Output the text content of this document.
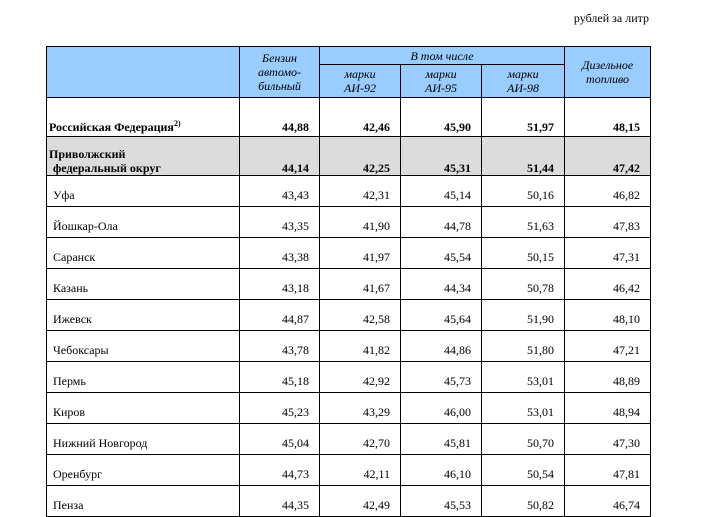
рублей за литр
	Бензин автомо-бильный	В том числе			Дизельное топливо
		марки АИ-92	марки АИ-95	марки АИ-98	
Российская Федерация$^{2)}$	44,88	42,46	45,90	51,97	48,15

Приволжский
федеральный округ	44,14	42,25	45,31	51,44	47,42
Уфа	43,43	42,31	45,14	50,16	46,82
Йошкар-Ола	43,35	41,90	44,78	51,63	47,83
Саранск	43,38	41,97	45,54	50,15	47,31
Казань	43,18	41,67	44,34	50,78	46,42
Ижевск	44,87	42,58	45,64	51,90	48,10
Чебоксары	43,78	41,82	44,86	51,80	47,21
Пермь	45,18	42,92	45,73	53,01	48,89
Киров	45,23	43,29	46,00	53,01	48,94
Нижний Новгород	45,04	42,70	45,81	50,70	47,30
Оренбург	44,73	42,11	46,10	50,54	47,81
Пенза	44,35	42,49	45,53	50,82	46,74
